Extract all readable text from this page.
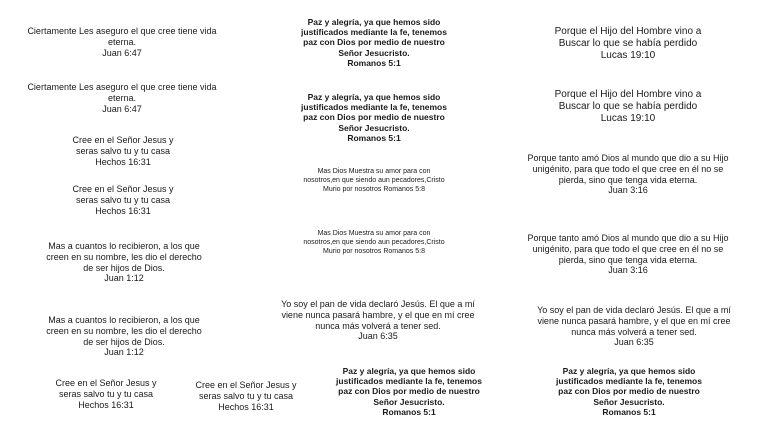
Ciertamente Les aseguro el que cree tiene vida
eterna.
Juan 6:47
Ciertamente Les aseguro el que cree tiene vida
eterna.
Juan 6:47
Cree en el Señor Jesus y
seras salvo tu y tu casa
Hechos 16:31
Cree en el Señor Jesus y
seras salvo tu y tu casa
Hechos 16:31
Mas a cuantos lo recibieron, a los que
creen en su nombre, les dio el derecho
de ser hijos de Dios.
Juan 1:12
Mas a cuantos lo recibieron, a los que
creen en su nombre, les dio el derecho
de ser hijos de Dios.
Juan 1:12
Cree en el Señor Jesus y
seras salvo tu y tu casa
Hechos 16:31
Cree en el Señor Jesus y
seras salvo tu y tu casa
Hechos 16:31
Paz y alegría, ya que hemos sido
justificados mediante la fe, tenemos
paz con Dios por medio de nuestro
Señor Jesucristo.
Romanos 5:1
Paz y alegría, ya que hemos sido
justificados mediante la fe, tenemos
paz con Dios por medio de nuestro
Señor Jesucristo.
Romanos 5:1
Mas Dios Muestra su amor para con
nosotros,en que siendo aun pecadores,Cristo
Murio por nosotros Romanos 5:8
Mas Dios Muestra su amor para con
nosotros,en que siendo aun pecadores,Cristo
Murio por nosotros Romanos 5:8
Yo soy el pan de vida declaró Jesús. El que a mí
viene nunca pasará hambre, y el que en mí cree
nunca más volverá a tener sed.
Juan 6:35
Paz y alegría, ya que hemos sido
justificados mediante la fe, tenemos
paz con Dios por medio de nuestro
Señor Jesucristo.
Romanos 5:1
Porque el Hijo del Hombre vino a
Buscar lo que se había perdido
Lucas 19:10
Porque el Hijo del Hombre vino a
Buscar lo que se había perdido
Lucas 19:10
Porque tanto amó Dios al mundo que dio a su Hijo
unigénito, para que todo el que cree en él no se
pierda, sino que tenga vida eterna.
Juan 3:16
Porque tanto amó Dios al mundo que dio a su Hijo
unigénito, para que todo el que cree en él no se
pierda, sino que tenga vida eterna.
Juan 3:16
Yo soy el pan de vida declaró Jesús. El que a mí
viene nunca pasará hambre, y el que en mí cree
nunca más volverá a tener sed.
Juan 6:35
Paz y alegría, ya que hemos sido
justificados mediante la fe, tenemos
paz con Dios por medio de nuestro
Señor Jesucristo.
Romanos 5:1
